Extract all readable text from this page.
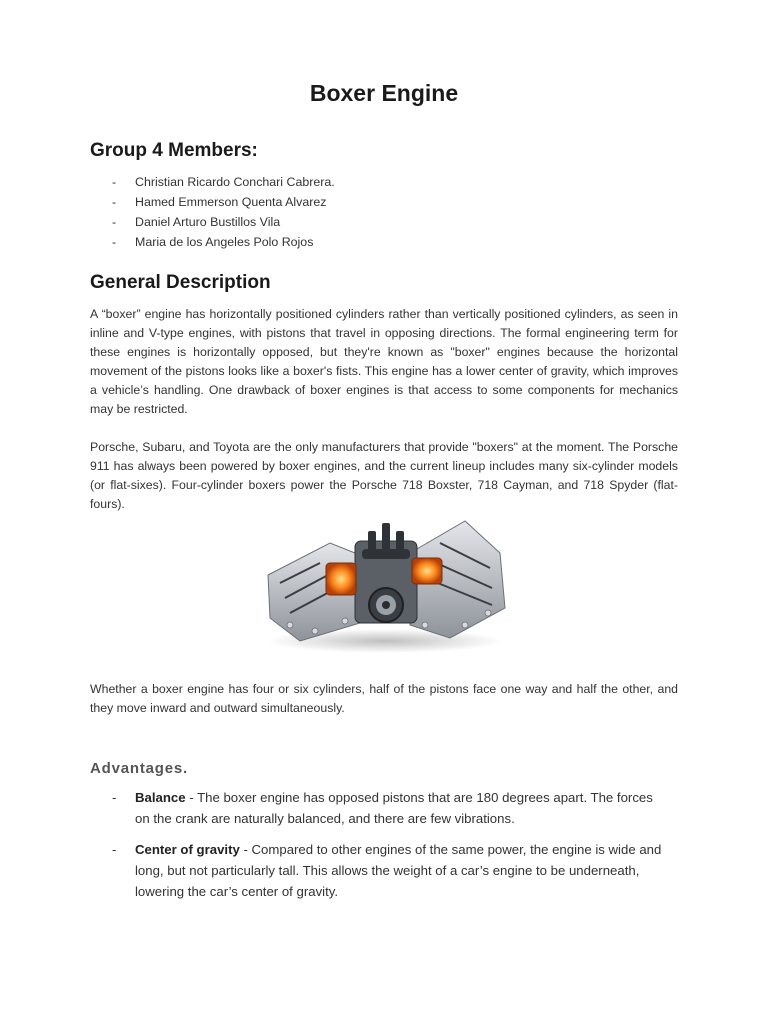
Boxer Engine
Group 4 Members:
- Christian Ricardo Conchari Cabrera.
- Hamed Emmerson Quenta Alvarez
- Daniel Arturo Bustillos Vila
- Maria de los Angeles Polo Rojos
General Description

A “boxer” engine has horizontally positioned cylinders rather than vertically positioned cylinders, as seen in inline and V-type engines, with pistons that travel in opposing directions. The formal engineering term for these engines is horizontally opposed, but they're known as "boxer" engines because the horizontal movement of the pistons looks like a boxer's fists. This engine has a lower center of gravity, which improves a vehicle’s handling. One drawback of boxer engines is that access to some components for mechanics may be restricted.

Porsche, Subaru, and Toyota are the only manufacturers that provide "boxers" at the moment. The Porsche 911 has always been powered by boxer engines, and the current lineup includes many six-cylinder models (or flat-sixes). Four-cylinder boxers power the Porsche 718 Boxster, 718 Cayman, and 718 Spyder (flat-fours).

Whether a boxer engine has four or six cylinders, half of the pistons face one way and half the other, and they move inward and outward simultaneously.

Advantages.
- Balance - The boxer engine has opposed pistons that are 180 degrees apart. The forces on the crank are naturally balanced, and there are few vibrations.
- Center of gravity - Compared to other engines of the same power, the engine is wide and long, but not particularly tall. This allows the weight of a car’s engine to be underneath, lowering the car’s center of gravity.
